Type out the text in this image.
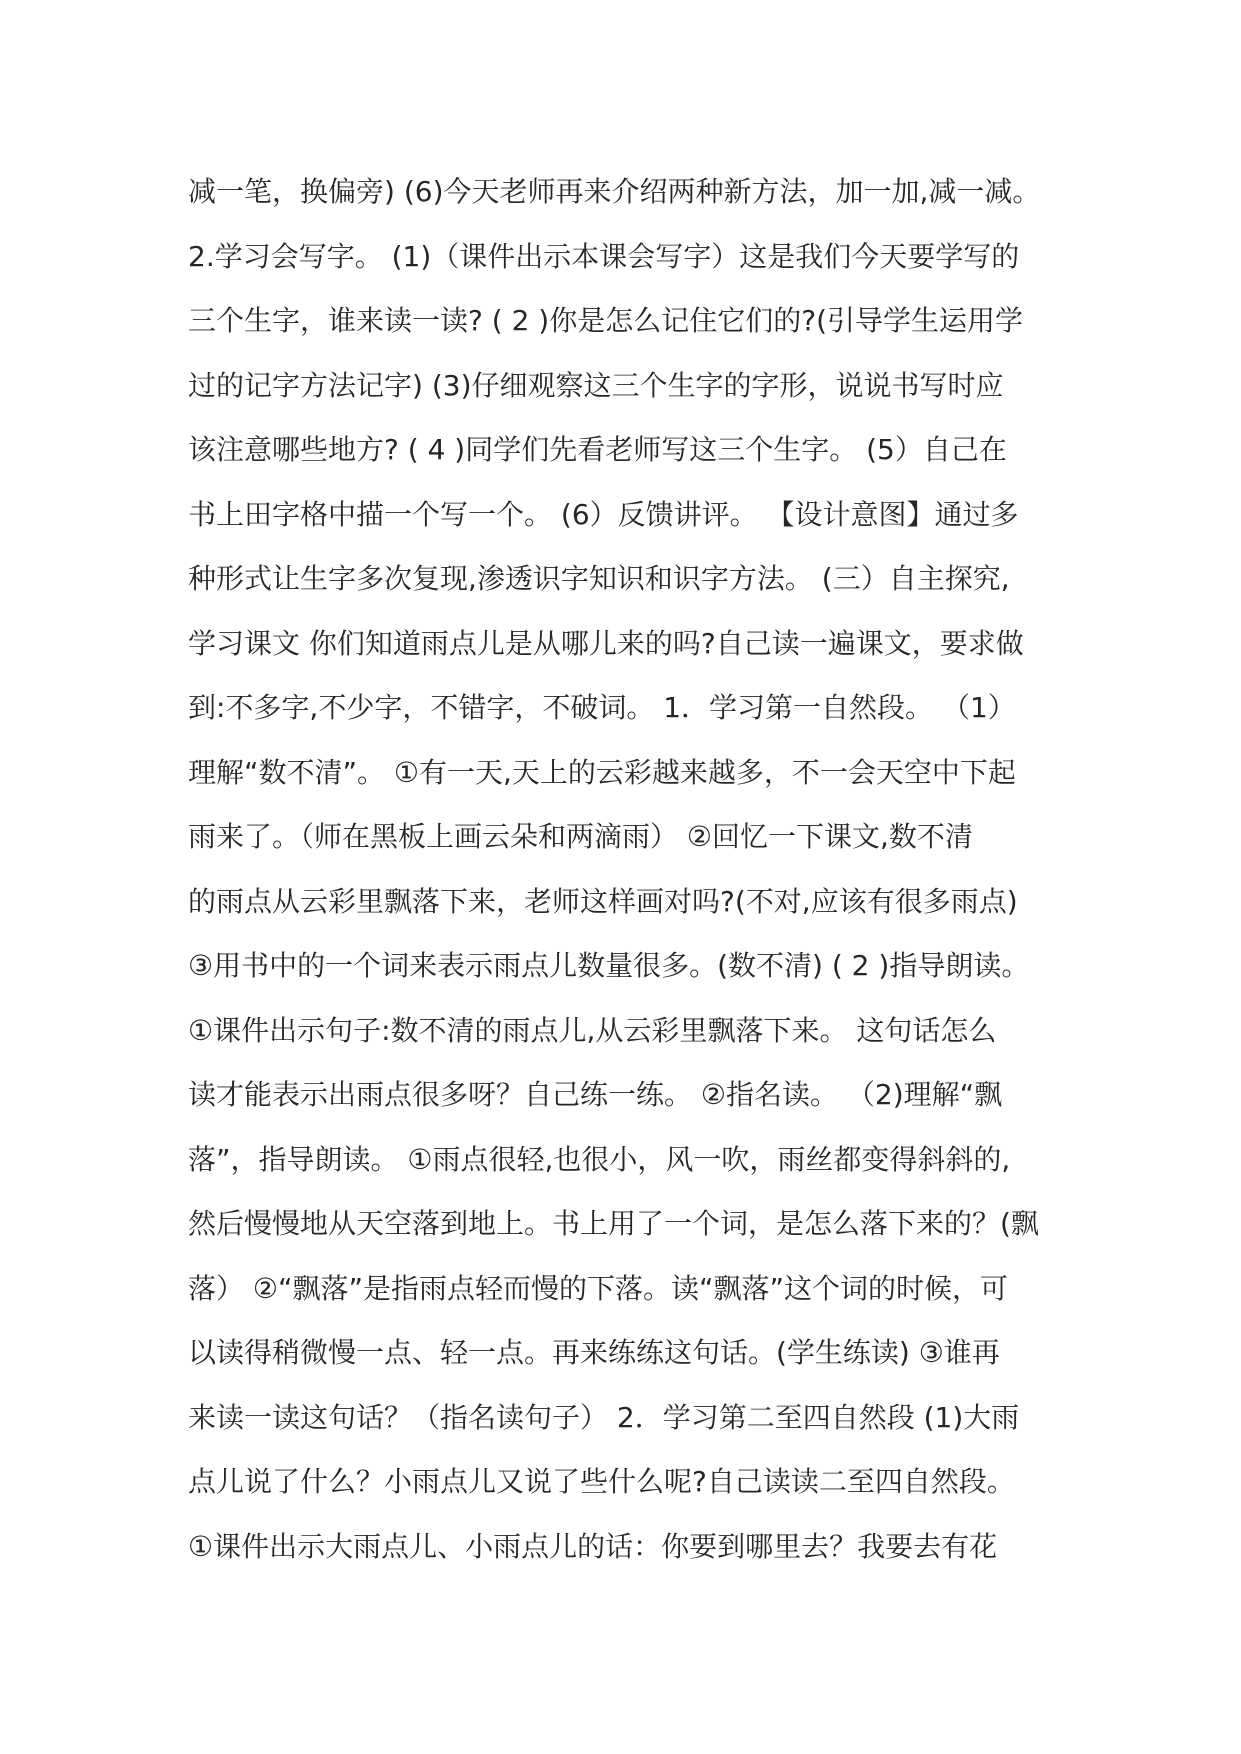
减一笔，换偏旁) (6)今天老师再来介绍两种新方法，加一加,减一减。
2.学习会写字。 (1)（课件出示本课会写字）这是我们今天要学写的
三个生字，谁来读一读? ( 2 )你是怎么记住它们的?(引导学生运用学
过的记字方法记字) (3)仔细观察这三个生字的字形，说说书写时应
该注意哪些地方? ( 4 )同学们先看老师写这三个生字。 (5）自己在
书上田字格中描一个写一个。 (6）反馈讲评。 【设计意图】通过多
种形式让生字多次复现,渗透识字知识和识字方法。 (三）自主探究,
学习课文 你们知道雨点儿是从哪儿来的吗?自己读一遍课文，要求做
到:不多字,不少字，不错字，不破词。 1．学习第一自然段。 （1）
理解“数不清”。 ①有一天,天上的云彩越来越多，不一会天空中下起
雨来了。（师在黑板上画云朵和两滴雨） ②回忆一下课文,数不清
的雨点从云彩里飘落下来，老师这样画对吗?(不对,应该有很多雨点)
③用书中的一个词来表示雨点儿数量很多。(数不清) ( 2 )指导朗读。
①课件出示句子:数不清的雨点儿,从云彩里飘落下来。 这句话怎么
读才能表示出雨点很多呀？自己练一练。 ②指名读。 （2)理解“飘
落”，指导朗读。 ①雨点很轻,也很小，风一吹，雨丝都变得斜斜的,
然后慢慢地从天空落到地上。书上用了一个词，是怎么落下来的？(飘
落） ②“飘落”是指雨点轻而慢的下落。读“飘落”这个词的时候，可
以读得稍微慢一点、轻一点。再来练练这句话。(学生练读) ③谁再
来读一读这句话？（指名读句子） 2．学习第二至四自然段 (1)大雨
点儿说了什么？小雨点儿又说了些什么呢?自己读读二至四自然段。
①课件出示大雨点儿、小雨点儿的话：你要到哪里去？我要去有花
